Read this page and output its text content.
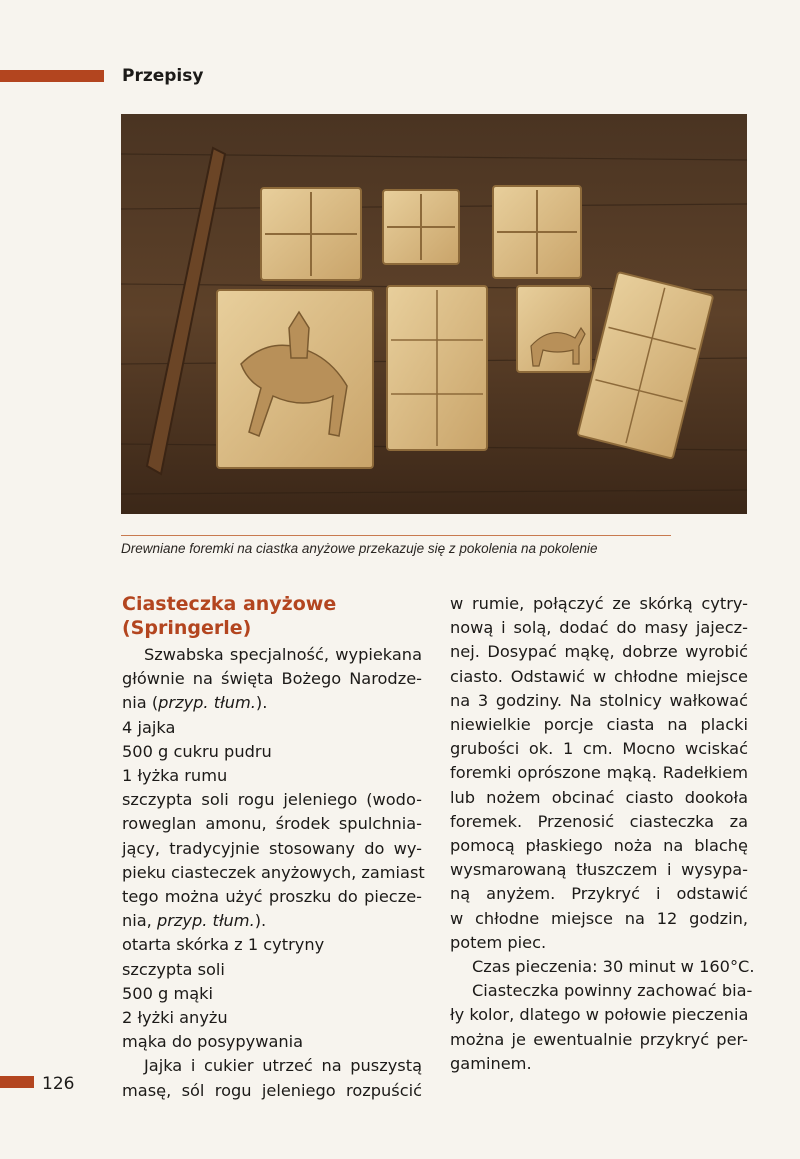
Przepisy
Drewniane foremki na ciastka anyżowe przekazuje się z pokolenia na pokolenie
Ciasteczka anyżowe
(Springerle)
Szwabska specjalność, wypiekana
głównie na święta Bożego Narodze-
nia (przyp. tłum.).
4 jajka
500 g cukru pudru
1 łyżka rumu
szczypta soli rogu jeleniego (wodo-
roweglan amonu, środek spulchnia-
jący, tradycyjnie stosowany do wy-
pieku ciasteczek anyżowych, zamiast
tego można użyć proszku do piecze-
nia, przyp. tłum.).
otarta skórka z 1 cytryny
szczypta soli
500 g mąki
2 łyżki anyżu
mąka do posypywania
Jajka i cukier utrzeć na puszystą
masę, sól rogu jeleniego rozpuścić
w rumie, połączyć ze skórką cytry-
nową i solą, dodać do masy jajecz-
nej. Dosypać mąkę, dobrze wyrobić
ciasto. Odstawić w chłodne miejsce
na 3 godziny. Na stolnicy wałkować
niewielkie porcje ciasta na placki
grubości ok. 1 cm. Mocno wciskać
foremki oprószone mąką. Radełkiem
lub nożem obcinać ciasto dookoła
foremek. Przenosić ciasteczka za
pomocą płaskiego noża na blachę
wysmarowaną tłuszczem i wysypa-
ną anyżem. Przykryć i odstawić
w chłodne miejsce na 12 godzin,
potem piec.
Czas pieczenia: 30 minut w 160°C.
Ciasteczka powinny zachować bia-
ły kolor, dlatego w połowie pieczenia
można je ewentualnie przykryć per-
gaminem.
126
